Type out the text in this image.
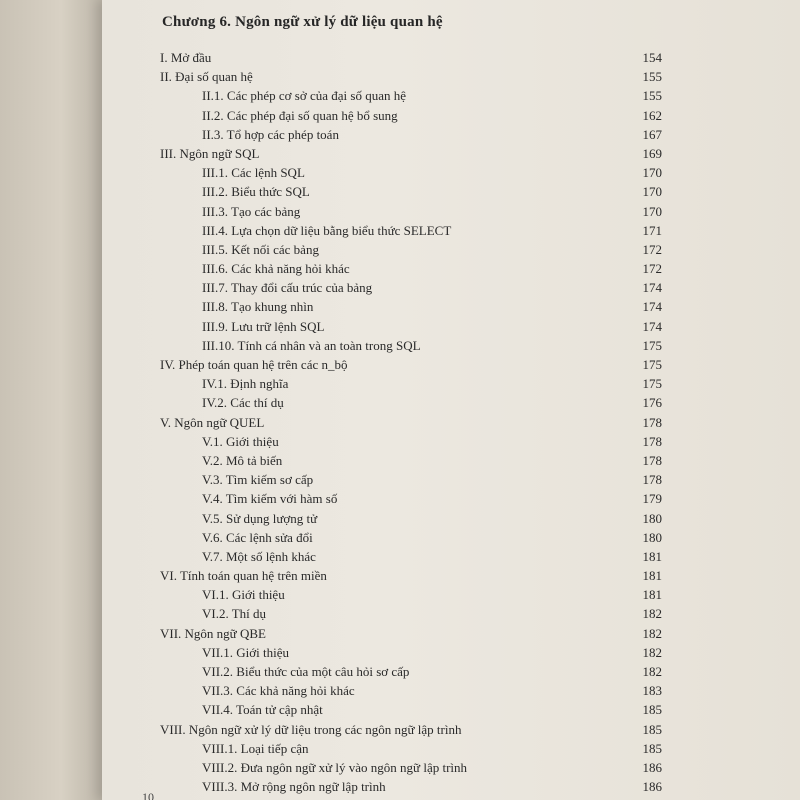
Chương 6. Ngôn ngữ xử lý dữ liệu quan hệ
I. Mở đầu	154
II. Đại số quan hệ	155
II.1. Các phép cơ sở của đại số quan hệ	155
II.2. Các phép đại số quan hệ bổ sung	162
II.3. Tổ hợp các phép toán	167
III. Ngôn ngữ SQL	169
III.1. Các lệnh SQL	170
III.2. Biểu thức SQL	170
III.3. Tạo các bảng	170
III.4. Lựa chọn dữ liệu bằng biểu thức SELECT	171
III.5. Kết nối các bảng	172
III.6. Các khả năng hỏi khác	172
III.7. Thay đổi cấu trúc của bảng	174
III.8. Tạo khung nhìn	174
III.9. Lưu trữ lệnh SQL	174
III.10. Tính cá nhân và an toàn trong SQL	175
IV. Phép toán quan hệ trên các n_bộ	175
IV.1. Định nghĩa	175
IV.2. Các thí dụ	176
V. Ngôn ngữ QUEL	178
V.1. Giới thiệu	178
V.2. Mô tả biến	178
V.3. Tìm kiếm sơ cấp	178
V.4. Tìm kiếm với hàm số	179
V.5. Sử dụng lượng tử	180
V.6. Các lệnh sửa đổi	180
V.7. Một số lệnh khác	181
VI. Tính toán quan hệ trên miền	181
VI.1. Giới thiệu	181
VI.2. Thí dụ	182
VII. Ngôn ngữ QBE	182
VII.1. Giới thiệu	182
VII.2. Biểu thức của một câu hỏi sơ cấp	182
VII.3. Các khả năng hỏi khác	183
VII.4. Toán tử cập nhật	185
VIII. Ngôn ngữ xử lý dữ liệu trong các ngôn ngữ lập trình	185
VIII.1. Loại tiếp cận	185
VIII.2. Đưa ngôn ngữ xử lý vào ngôn ngữ lập trình	186
VIII.3. Mở rộng ngôn ngữ lập trình	186
10
